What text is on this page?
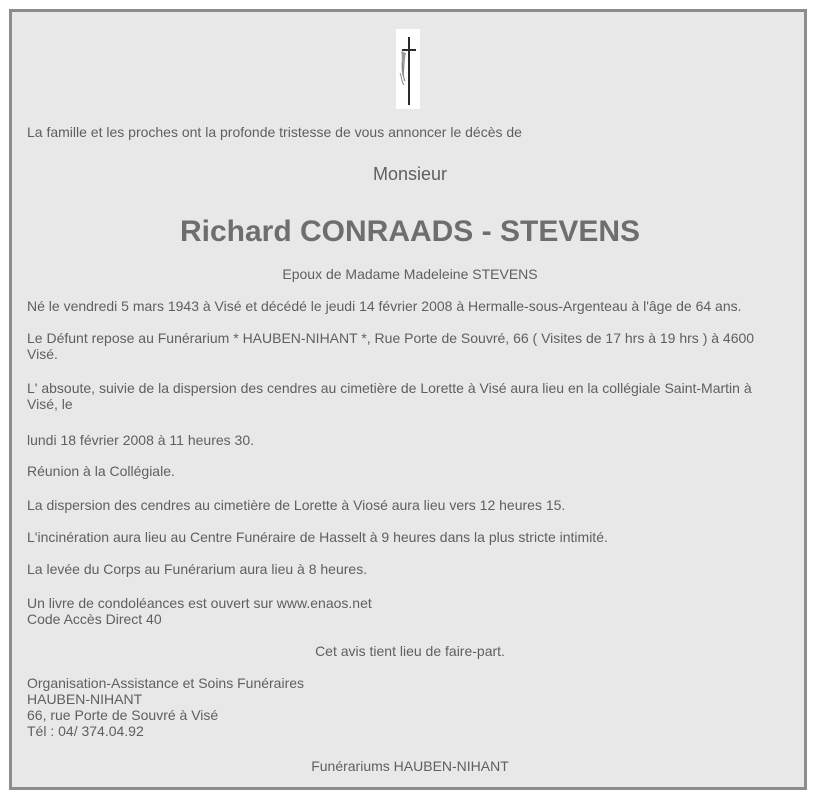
La famille et les proches ont la profonde tristesse de vous annoncer le décès de
Monsieur
Richard CONRAADS - STEVENS
Epoux de Madame Madeleine STEVENS
Né le vendredi 5 mars 1943 à Visé et décédé le jeudi 14 février 2008 à Hermalle-sous-Argenteau à l'âge de 64 ans.
Le Défunt repose au Funérarium * HAUBEN-NIHANT *, Rue Porte de Souvré, 66 ( Visites de 17 hrs à 19 hrs ) à 4600
Visé.
L' absoute, suivie de la dispersion des cendres au cimetière de Lorette à Visé aura lieu en la collégiale Saint-Martin à
Visé, le
lundi 18 février 2008 à 11 heures 30.
Réunion à la Collégiale.
La dispersion des cendres au cimetière de Lorette à Viosé aura lieu vers 12 heures 15.
L'incinération aura lieu au Centre Funéraire de Hasselt à 9 heures dans la plus stricte intimité.
La levée du Corps au Funérarium aura lieu à 8 heures.
Un livre de condoléances est ouvert sur www.enaos.net
Code Accès Direct 40
Cet avis tient lieu de faire-part.
Organisation-Assistance et Soins Funéraires
HAUBEN-NIHANT
66, rue Porte de Souvré à Visé
Tél : 04/ 374.04.92
Funérariums HAUBEN-NIHANT
